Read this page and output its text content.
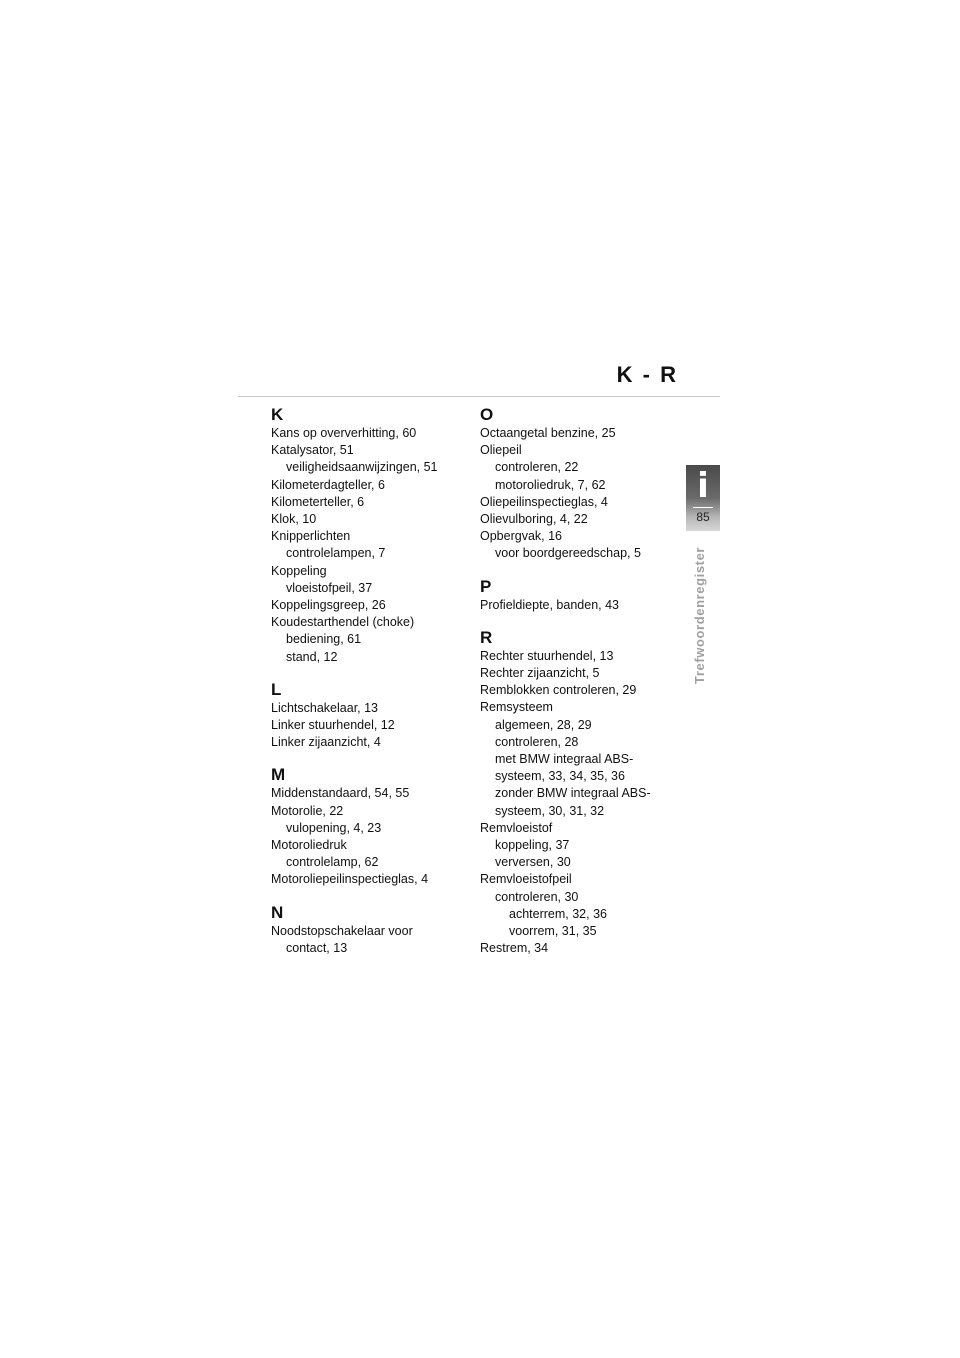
K - R
K

Kans op oververhitting, 60

Katalysator, 51

veiligheidsaanwijzingen, 51

Kilometerdagteller, 6

Kilometerteller, 6

Klok, 10

Knipperlichten

controlelampen, 7

Koppeling

vloeistofpeil, 37

Koppelingsgreep, 26

Koudestarthendel (choke)

bediening, 61

stand, 12

L

Lichtschakelaar, 13

Linker stuurhendel, 12

Linker zijaanzicht, 4

M

Middenstandaard, 54, 55

Motorolie, 22

vulopening, 4, 23

Motoroliedruk

controlelamp, 62

Motoroliepeilinspectieglas, 4

N

Noodstopschakelaar voor

contact, 13

O

Octaangetal benzine, 25

Oliepeil

controleren, 22

motoroliedruk, 7, 62

Oliepeilinspectieglas, 4

Olievulboring, 4, 22

Opbergvak, 16

voor boordgereedschap, 5

P

Profieldiepte, banden, 43

R

Rechter stuurhendel, 13

Rechter zijaanzicht, 5

Remblokken controleren, 29

Remsysteem

algemeen, 28, 29

controleren, 28

met BMW integraal ABS-

systeem, 33, 34, 35, 36

zonder BMW integraal ABS-

systeem, 30, 31, 32

Remvloeistof

koppeling, 37

verversen, 30

Remvloeistofpeil

controleren, 30

achterrem, 32, 36

voorrem, 31, 35

Restrem, 34

i
85
Trefwoordenregister
